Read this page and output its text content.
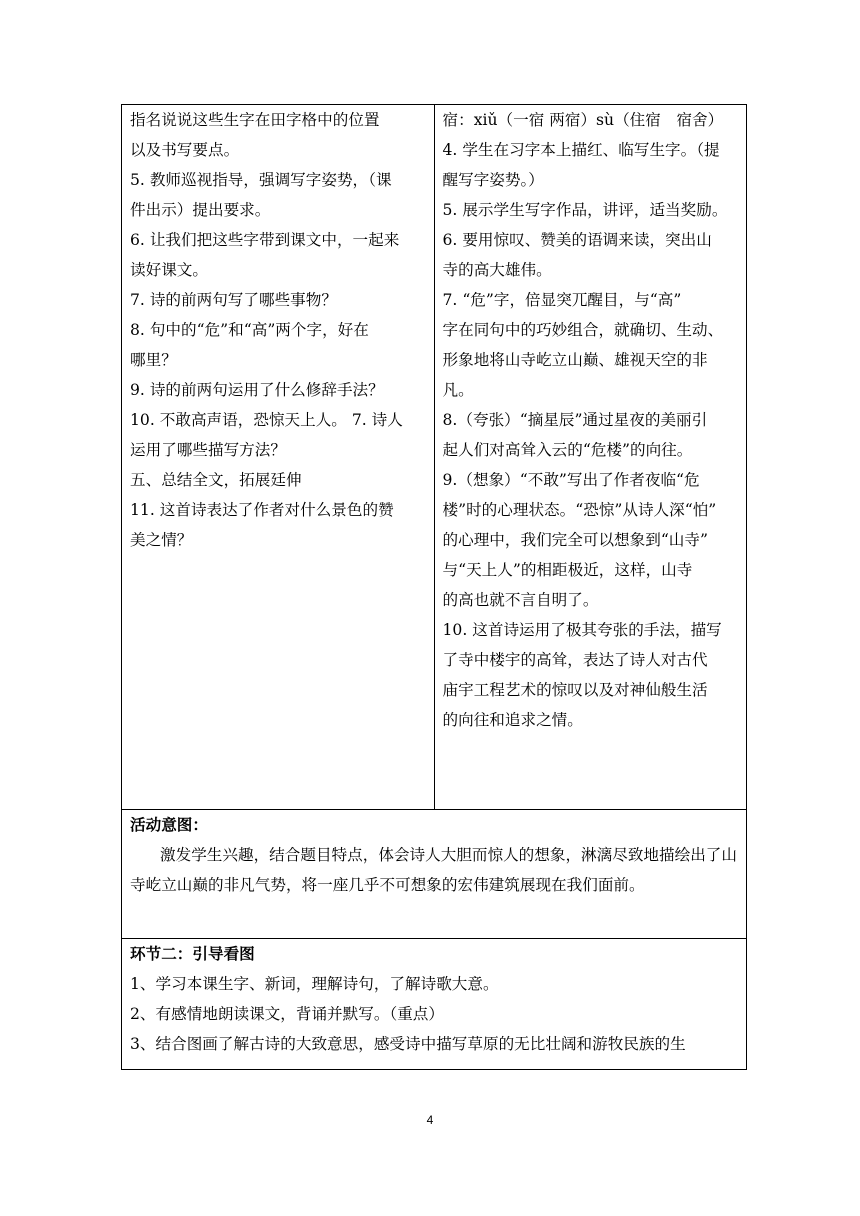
指名说说这些生字在田字格中的位置
以及书写要点。
5. 教师巡视指导，强调写字姿势，（课
件出示）提出要求。
6. 让我们把这些字带到课文中，一起来
读好课文。
7. 诗的前两句写了哪些事物？
8. 句中的“危”和“高”两个字，好在
哪里？
9. 诗的前两句运用了什么修辞手法？
10. 不敢高声语，恐惊天上人。 7. 诗人
运用了哪些描写方法？
五、总结全文，拓展廷伸
11. 这首诗表达了作者对什么景色的赞
美之情？

宿：xiǔ（一宿 两宿）sù（住宿　宿舍）
4. 学生在习字本上描红、临写生字。（提
醒写字姿势。）
5. 展示学生写字作品，讲评，适当奖励。
6. 要用惊叹、赞美的语调来读，突出山
寺的高大雄伟。
7. “危”字，倍显突兀醒目，与“高”
字在同句中的巧妙组合，就确切、生动、
形象地将山寺屹立山巅、雄视天空的非
凡。
8.（夸张）“摘星辰”通过星夜的美丽引
起人们对高耸入云的“危楼”的向往。
9.（想象）“不敢”写出了作者夜临“危
楼”时的心理状态。“恐惊”从诗人深“怕”
的心理中，我们完全可以想象到“山寺”
与“天上人”的相距极近，这样，山寺
的高也就不言自明了。
10. 这首诗运用了极其夸张的手法，描写
了寺中楼宇的高耸，表达了诗人对古代
庙宇工程艺术的惊叹以及对神仙般生活
的向往和追求之情。

活动意图：
激发学生兴趣，结合题目特点，体会诗人大胆而惊人的想象，淋漓尽致地描绘出了山寺屹立山巅的非凡气势，将一座几乎不可想象的宏伟建筑展现在我们面前。

环节二：引导看图
1、学习本课生字、新词，理解诗句，了解诗歌大意。
2、有感情地朗读课文，背诵并默写。（重点）
3、结合图画了解古诗的大致意思，感受诗中描写草原的无比壮阔和游牧民族的生
4
